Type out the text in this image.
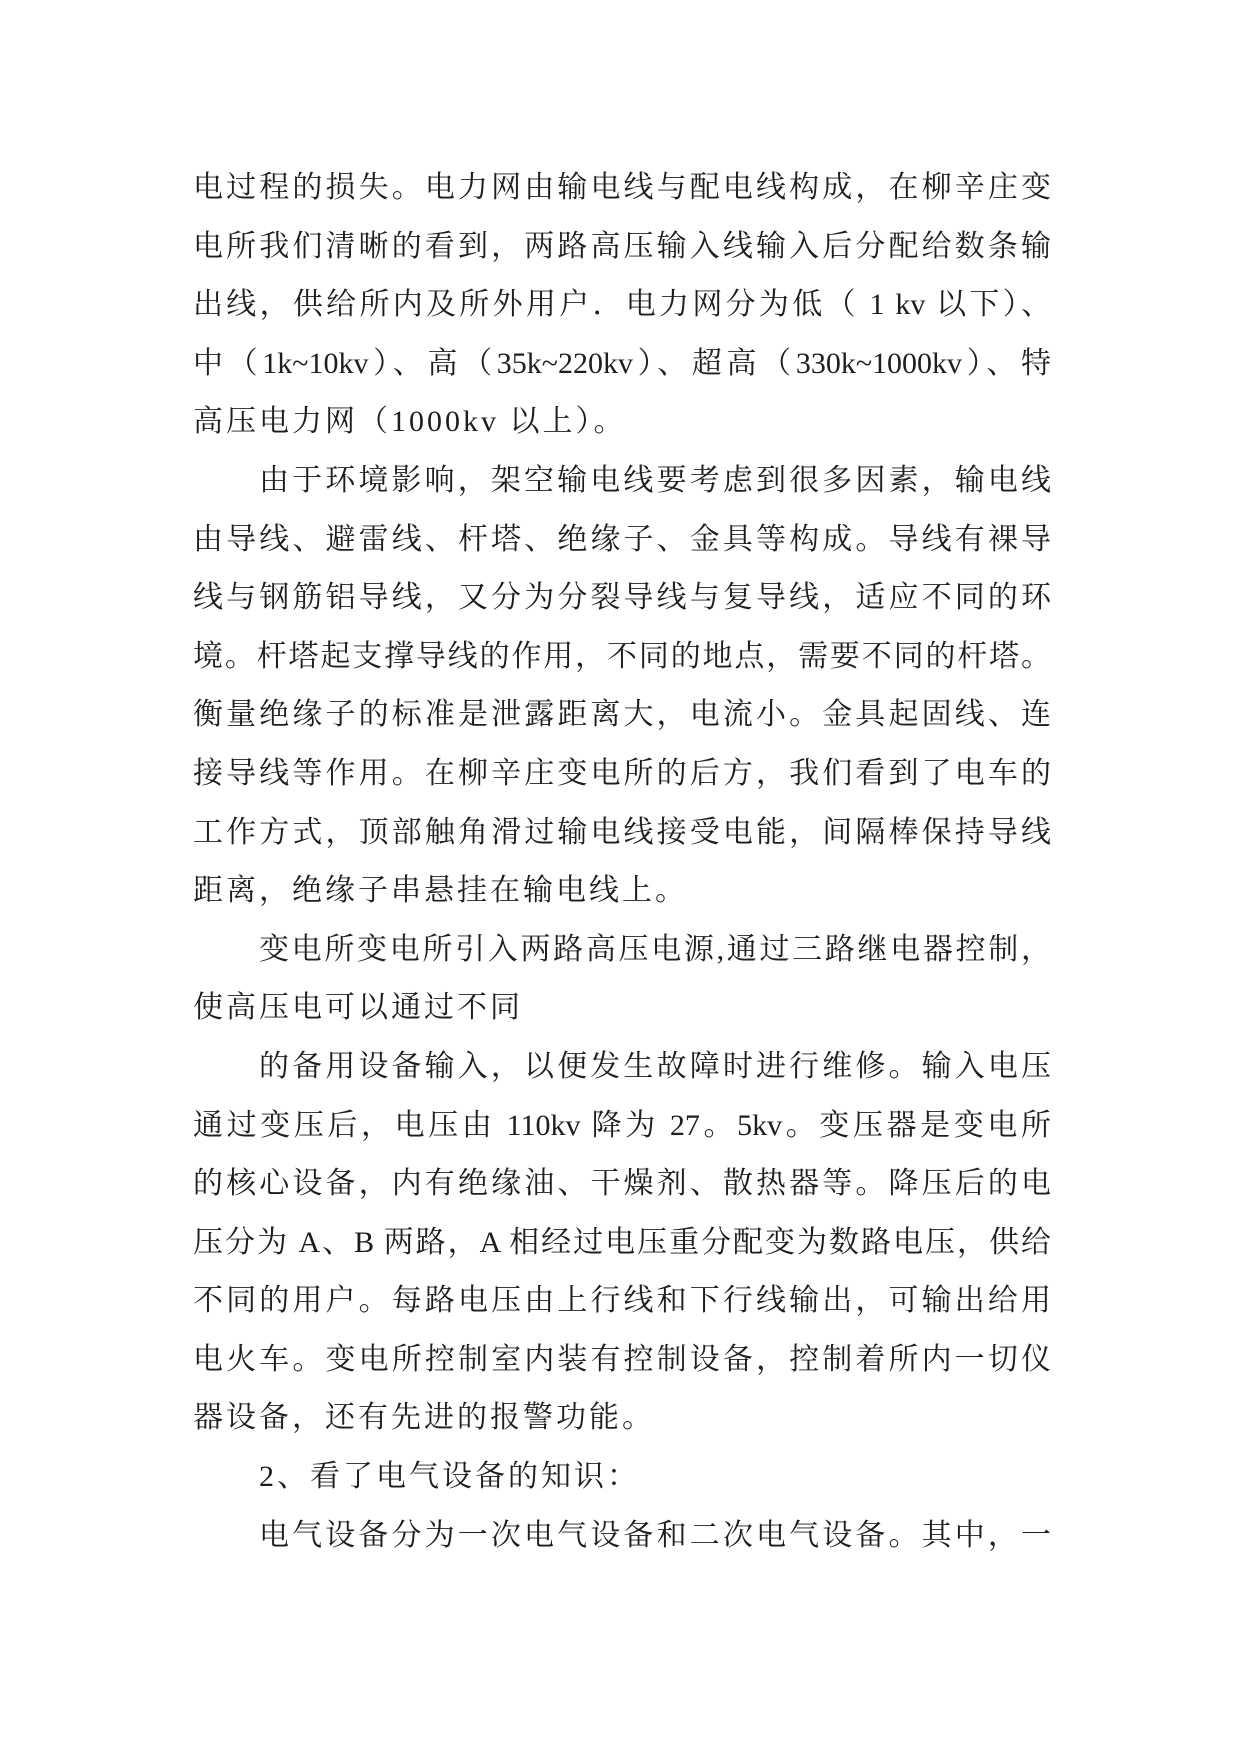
电过程的损失。电力网由输电线与配电线构成，在柳辛庄变
电所我们清晰的看到，两路高压输入线输入后分配给数条输
出线，供给所内及所外用户．电力网分为低（ 1 kv 以下）、
中（1k~10kv）、高（35k~220kv）、超高（330k~1000kv）、特
高压电力网（1000kv 以上）。
由于环境影响，架空输电线要考虑到很多因素，输电线
由导线、避雷线、杆塔、绝缘子、金具等构成。导线有裸导
线与钢筋铝导线，又分为分裂导线与复导线，适应不同的环
境。杆塔起支撑导线的作用，不同的地点，需要不同的杆塔。
衡量绝缘子的标准是泄露距离大，电流小。金具起固线、连
接导线等作用。在柳辛庄变电所的后方，我们看到了电车的
工作方式，顶部触角滑过输电线接受电能，间隔棒保持导线
距离，绝缘子串悬挂在输电线上。
变电所变电所引入两路高压电源,通过三路继电器控制，
使高压电可以通过不同
的备用设备输入，以便发生故障时进行维修。输入电压
通过变压后，电压由 110kv 降为 27。5kv。变压器是变电所
的核心设备，内有绝缘油、干燥剂、散热器等。降压后的电
压分为 A、B 两路，A 相经过电压重分配变为数路电压，供给
不同的用户。每路电压由上行线和下行线输出，可输出给用
电火车。变电所控制室内装有控制设备，控制着所内一切仪
器设备，还有先进的报警功能。
2、看了电气设备的知识：
电气设备分为一次电气设备和二次电气设备。其中，一
